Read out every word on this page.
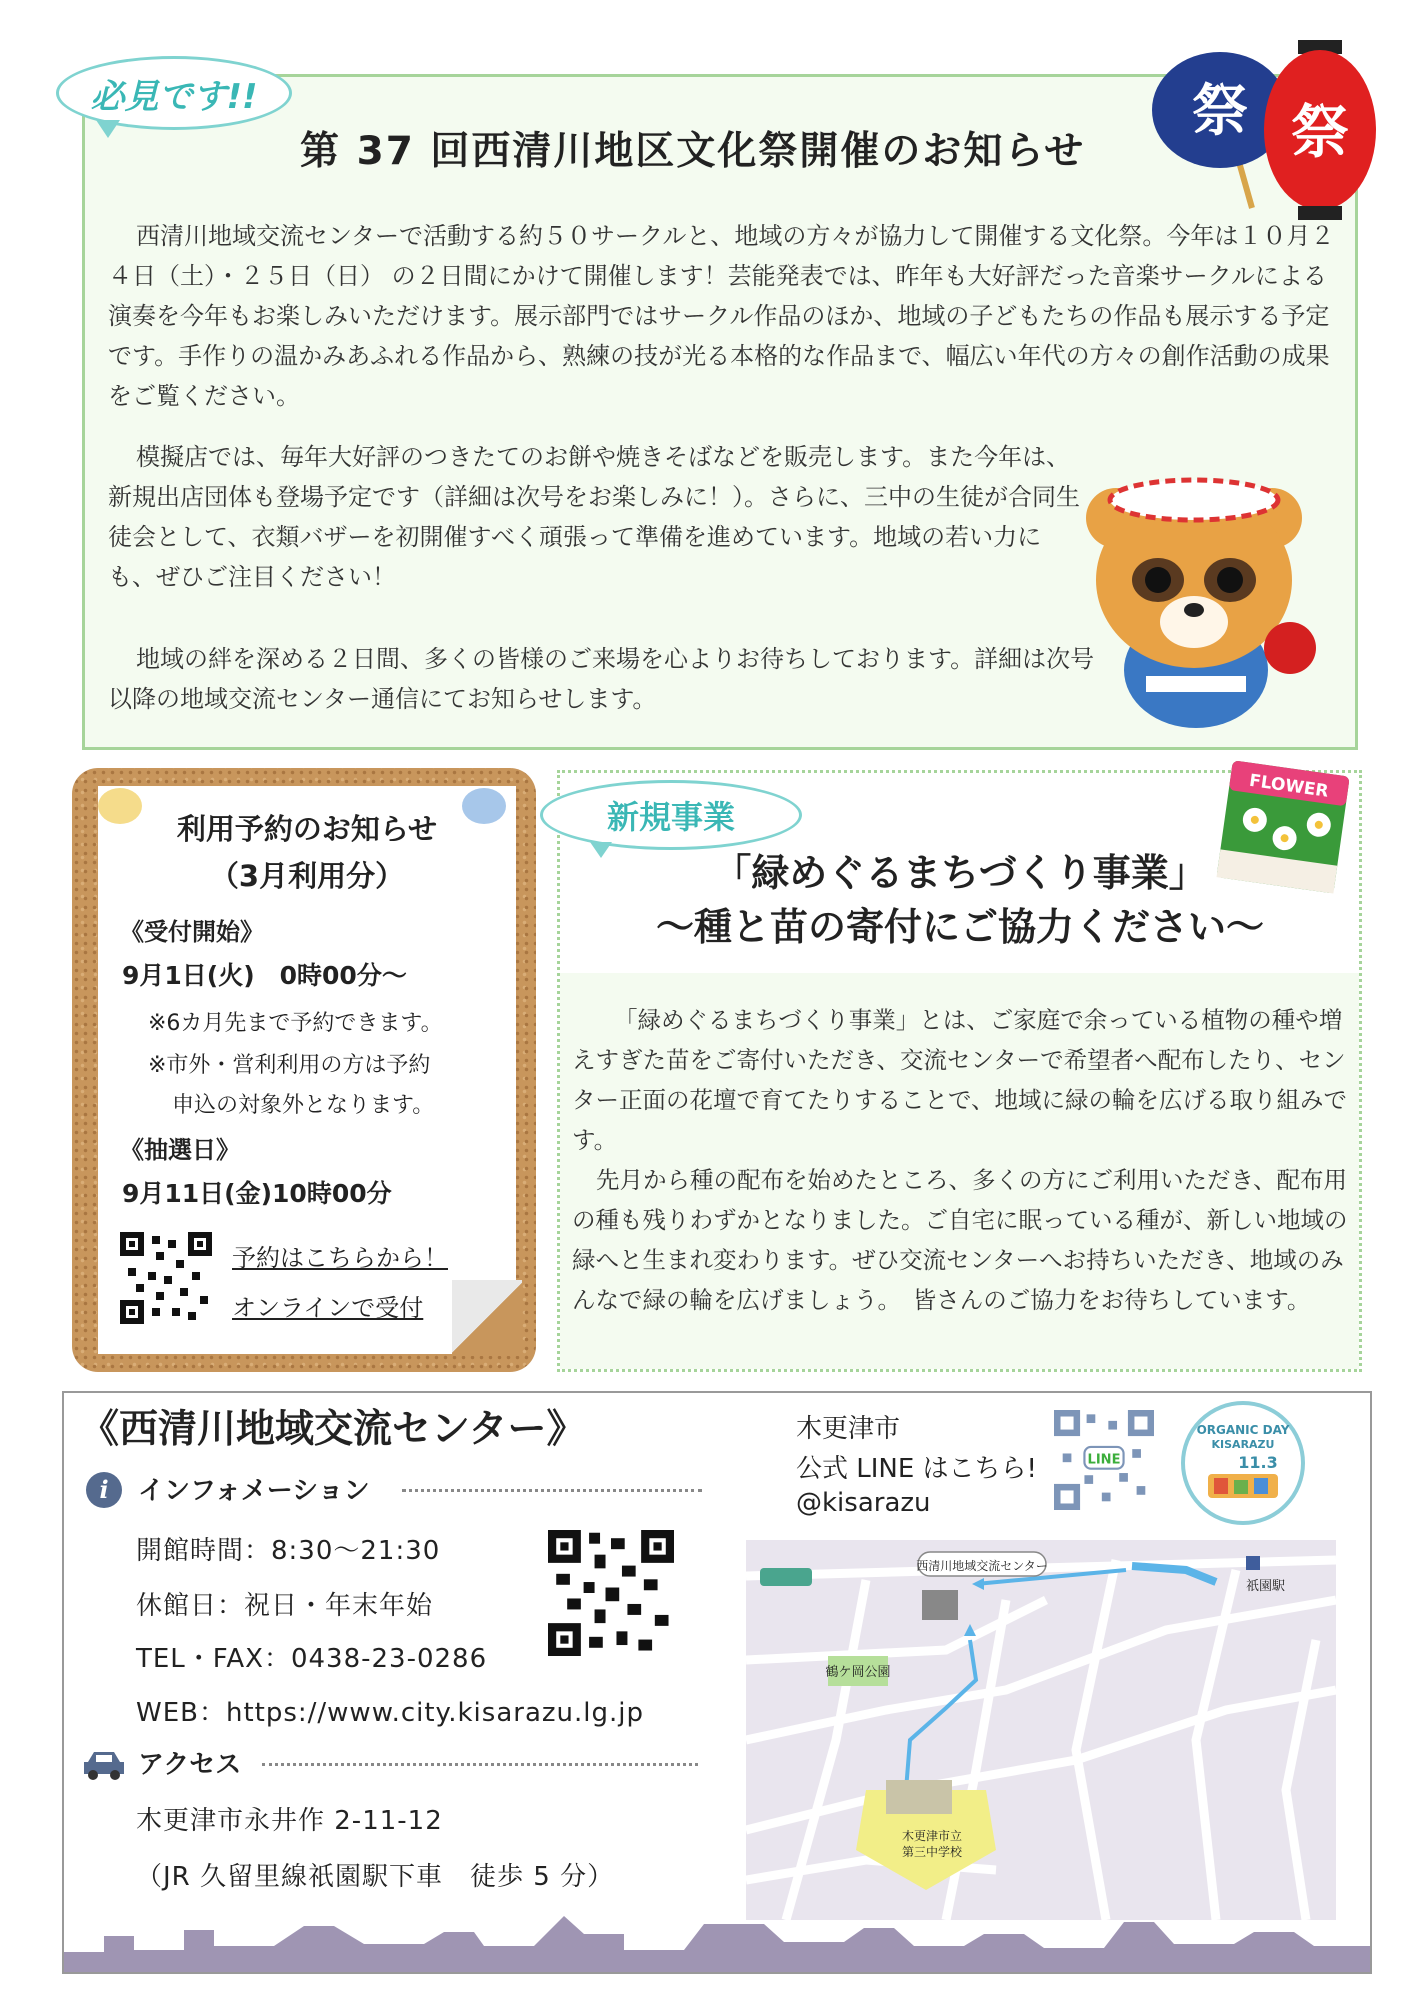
必見です!!
第 37 回西清川地区文化祭開催のお知らせ
祭 祭
西清川地域交流センターで活動する約５０サークルと、地域の方々が協力して開催する文化祭。今年は１０月２４日（土）・２５日（日） の２日間にかけて開催します！芸能発表では、昨年も大好評だった音楽サークルによる演奏を今年もお楽しみいただけます。展示部門ではサークル作品のほか、地域の子どもたちの作品も展示する予定です。手作りの温かみあふれる作品から、熟練の技が光る本格的な作品まで、幅広い年代の方々の創作活動の成果をご覧ください。
模擬店では、毎年大好評のつきたてのお餅や焼きそばなどを販売します。また今年は、新規出店団体も登場予定です（詳細は次号をお楽しみに！）。さらに、三中の生徒が合同生徒会として、衣類バザーを初開催すべく頑張って準備を進めています。地域の若い力にも、ぜひご注目ください！
地域の絆を深める２日間、多くの皆様のご来場を心よりお待ちしております。詳細は次号以降の地域交流センター通信にてお知らせします。
利用予約のお知らせ
（3月利用分）
《受付開始》
9月1日(火)　0時00分～
※6カ月先まで予約できます。
※市外・営利利用の方は予約
申込の対象外となります。
《抽選日》
9月11日(金)10時00分
予約はこちらから！
オンラインで受付
新規事業
「緑めぐるまちづくり事業」
～種と苗の寄付にご協力ください～
FLOWER
「緑めぐるまちづくり事業」とは、ご家庭で余っている植物の種や増えすぎた苗をご寄付いただき、交流センターで希望者へ配布したり、センター正面の花壇で育てたりすることで、地域に緑の輪を広げる取り組みです。
先月から種の配布を始めたところ、多くの方にご利用いただき、配布用の種も残りわずかとなりました。ご自宅に眠っている種が、新しい地域の緑へと生まれ変わります。ぜひ交流センターへお持ちいただき、地域のみんなで緑の輪を広げましょう。　皆さんのご協力をお待ちしています。
《西清川地域交流センター》
i	インフォメーション
開館時間：8:30～21:30
休館日：祝日・年末年始
TEL・FAX：0438-23-0286
WEB：https://www.city.kisarazu.lg.jp
アクセス
木更津市永井作 2-11-12
（JR 久留里線祇園駅下車　徒歩 5 分）
木更津市
公式 LINE はこちら!
@kisarazu
LINE
ORGANIC DAY
KISARAZU
11.3
西清川地域交流センター
祇園駅
鶴ケ岡公園
木更津市立
第三中学校
